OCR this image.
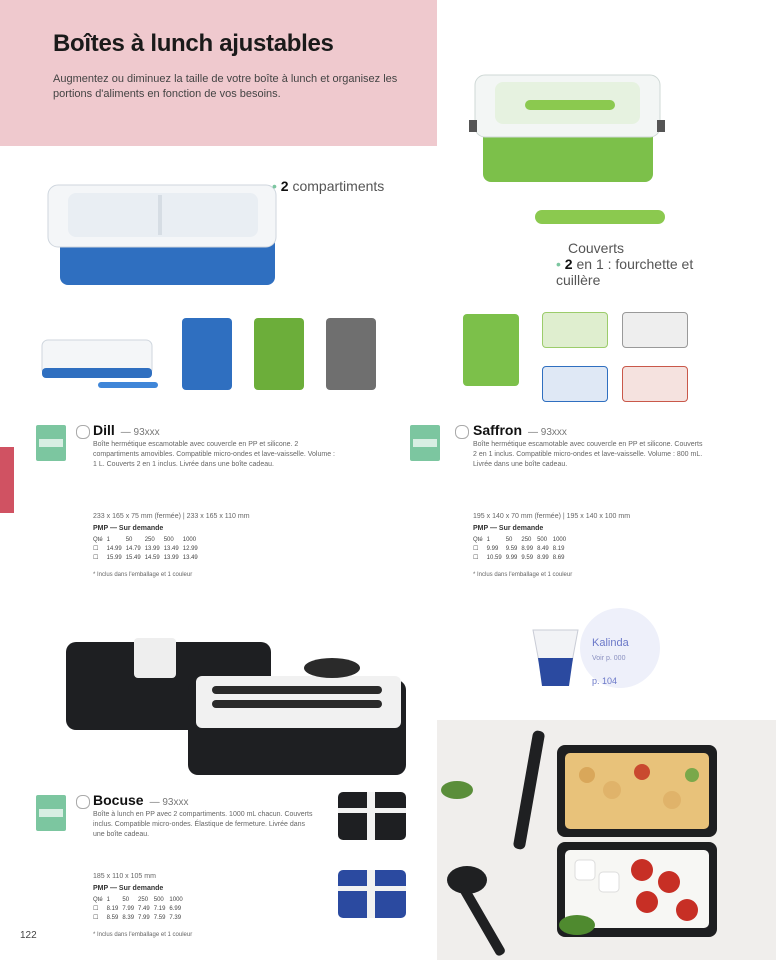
Boîtes à lunch ajustables
Augmentez ou diminuez la taille de votre boîte à lunch et organisez les portions d'aliments en fonction de vos besoins.
• 2 compartiments
Couverts
• 2 en 1 : fourchette et cuillère
Dill — 93xxx
Boîte hermétique escamotable avec couvercle en PP et silicone. 2 compartiments amovibles. Compatible micro-ondes et lave-vaisselle. Volume : 1 L. Couverts 2 en 1 inclus. Livrée dans une boîte cadeau.
233 x 165 x 75 mm (fermée) | 233 x 165 x 110 mm
PMP — Sur demande
Qté	1	50	250	500	1000
☐	14.99	14.79	13.99	13.49	12.99
☐	15.99	15.49	14.59	13.99	13.49
* Inclus dans l'emballage et 1 couleur
Saffron — 93xxx
Boîte hermétique escamotable avec couvercle en PP et silicone. Couverts 2 en 1 inclus. Compatible micro-ondes et lave-vaisselle. Volume : 800 mL. Livrée dans une boîte cadeau.
195 x 140 x 70 mm (fermée) | 195 x 140 x 100 mm
PMP — Sur demande
Qté	1	50	250	500	1000
☐	9.99	9.59	8.99	8.49	8.19
☐	10.59	9.99	9.59	8.99	8.69
* Inclus dans l'emballage et 1 couleur
Kalinda
Voir p. 000
p. 104
Bocuse — 93xxx
Boîte à lunch en PP avec 2 compartiments. 1000 mL chacun. Couverts inclus. Compatible micro-ondes. Élastique de fermeture. Livrée dans une boîte cadeau.
185 x 110 x 105 mm
PMP — Sur demande
Qté	1	50	250	500	1000
☐	8.19	7.99	7.49	7.19	6.99
☐	8.59	8.39	7.99	7.59	7.39
* Inclus dans l'emballage et 1 couleur
122
